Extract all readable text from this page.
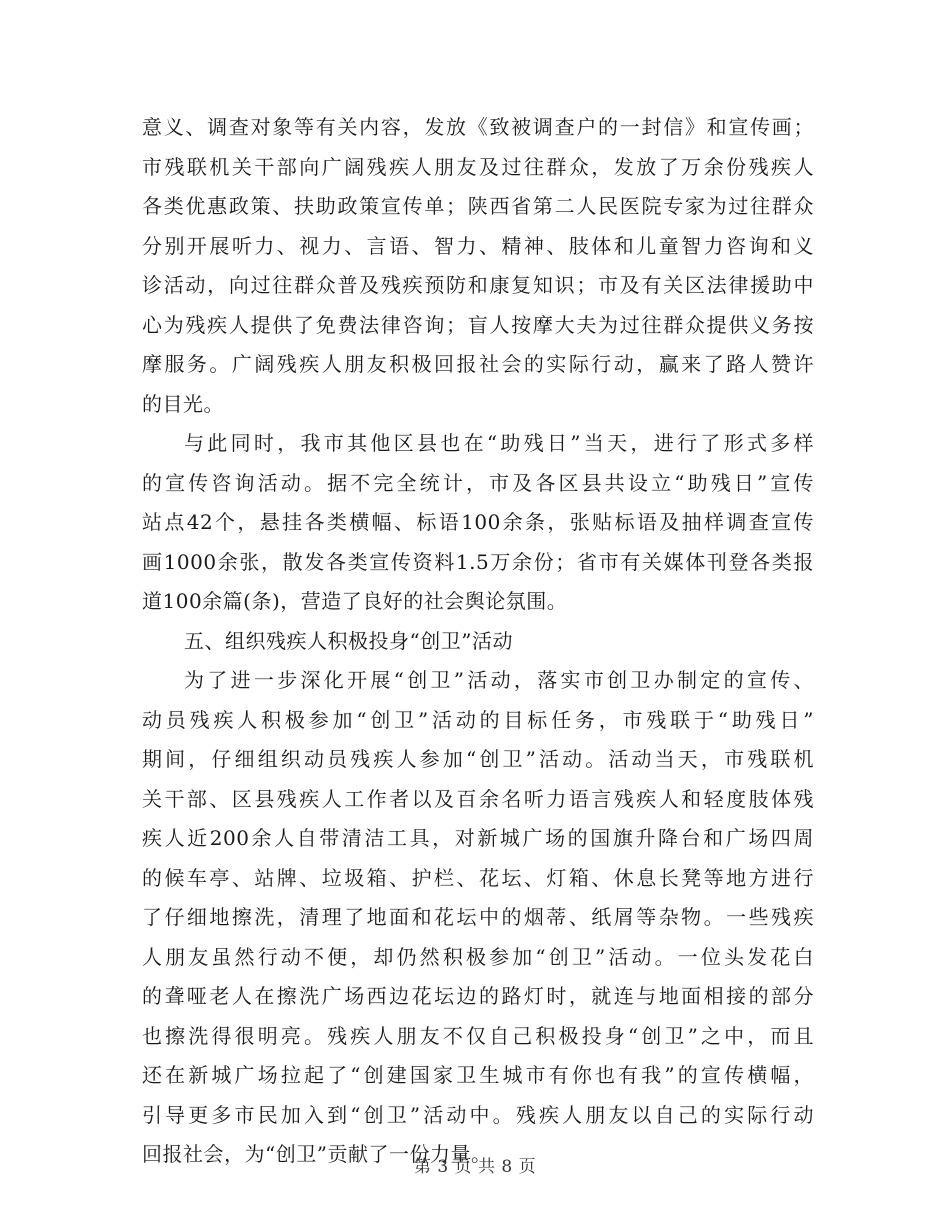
意义、调查对象等有关内容，发放《致被调查户的一封信》和宣传画；
市残联机关干部向广阔残疾人朋友及过往群众，发放了万余份残疾人
各类优惠政策、扶助政策宣传单；陕西省第二人民医院专家为过往群众
分别开展听力、视力、言语、智力、精神、肢体和儿童智力咨询和义
诊活动，向过往群众普及残疾预防和康复知识；市及有关区法律援助中
心为残疾人提供了免费法律咨询；盲人按摩大夫为过往群众提供义务按
摩服务。广阔残疾人朋友积极回报社会的实际行动，赢来了路人赞许
的目光。
与此同时，我市其他区县也在“助残日”当天，进行了形式多样
的宣传咨询活动。据不完全统计，市及各区县共设立“助残日”宣传
站点42个，悬挂各类横幅、标语100余条，张贴标语及抽样调查宣传
画1000余张，散发各类宣传资料1.5万余份；省市有关媒体刊登各类报
道100余篇(条)，营造了良好的社会舆论氛围。
五、组织残疾人积极投身“创卫”活动
为了进一步深化开展“创卫”活动，落实市创卫办制定的宣传、
动员残疾人积极参加“创卫”活动的目标任务，市残联于“助残日”
期间，仔细组织动员残疾人参加“创卫”活动。活动当天，市残联机
关干部、区县残疾人工作者以及百余名听力语言残疾人和轻度肢体残
疾人近200余人自带清洁工具，对新城广场的国旗升降台和广场四周
的候车亭、站牌、垃圾箱、护栏、花坛、灯箱、休息长凳等地方进行
了仔细地擦洗，清理了地面和花坛中的烟蒂、纸屑等杂物。一些残疾
人朋友虽然行动不便，却仍然积极参加“创卫”活动。一位头发花白
的聋哑老人在擦洗广场西边花坛边的路灯时，就连与地面相接的部分
也擦洗得很明亮。残疾人朋友不仅自己积极投身“创卫”之中，而且
还在新城广场拉起了“创建国家卫生城市有你也有我”的宣传横幅，
引导更多市民加入到“创卫”活动中。残疾人朋友以自己的实际行动
回报社会，为“创卫”贡献了一份力量。
第 3 页 共 8 页
